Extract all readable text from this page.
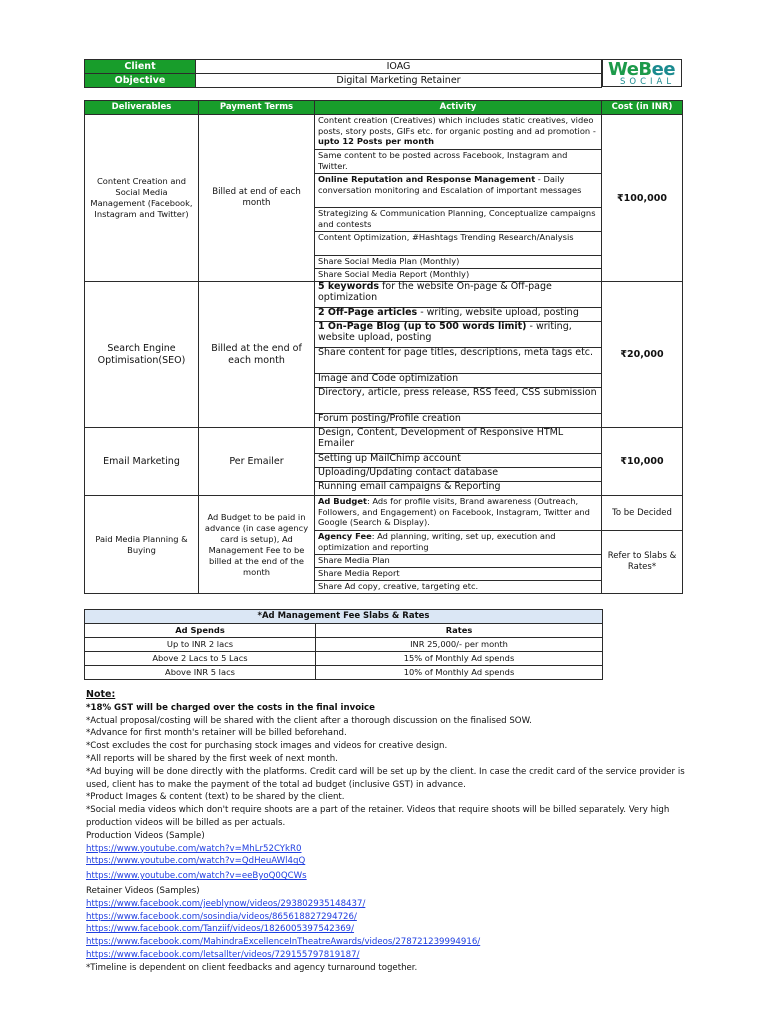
Client	IOAG
Objective	Digital Marketing Retainer
WeBee
SOCIAL
Deliverables	Payment Terms	Activity	Cost (in INR)
Content Creation and Social Media Management (Facebook, Instagram and Twitter)	Billed at end of each month	Content creation (Creatives) which includes static creatives, video posts, story posts, GIFs etc. for organic posting and ad promotion - upto 12 Posts per month	₹100,000
		Same content to be posted across Facebook, Instagram and Twitter.	
		Online Reputation and Response Management - Daily conversation monitoring and Escalation of important messages	
		Strategizing & Communication Planning, Conceptualize campaigns and contests	
		Content Optimization, #Hashtags Trending Research/Analysis	
		Share Social Media Plan (Monthly)	
		Share Social Media Report (Monthly)	
Search Engine Optimisation(SEO)	Billed at the end of each month	5 keywords for the website On-page & Off-page optimization	₹20,000
		2 Off-Page articles - writing, website upload, posting	
		1 On-Page Blog (up to 500 words limit) - writing, website upload, posting	
		Share content for page titles, descriptions, meta tags etc.	
		Image and Code optimization	
		Directory, article, press release, RSS feed, CSS submission	
		Forum posting/Profile creation	
Email Marketing	Per Emailer	Design, Content, Development of Responsive HTML Emailer	₹10,000
		Setting up MailChimp account	
		Uploading/Updating contact database	
		Running email campaigns & Reporting	
Paid Media Planning & Buying	Ad Budget to be paid in advance (in case agency card is setup), Ad Management Fee to be billed at the end of the month	Ad Budget: Ads for profile visits, Brand awareness (Outreach, Followers, and Engagement) on Facebook, Instagram, Twitter and Google (Search & Display).	To be Decided
		Agency Fee: Ad planning, writing, set up, execution and optimization and reporting	Refer to Slabs & Rates*
		Share Media Plan	
		Share Media Report	
		Share Ad copy, creative, targeting etc.	
*Ad Management Fee Slabs & Rates	
Ad Spends	Rates
Up to INR 2 lacs	INR 25,000/- per month
Above 2 Lacs to 5 Lacs	15% of Monthly Ad spends
Above INR 5 lacs	10% of Monthly Ad spends

Note:

*18% GST will be charged over the costs in the final invoice

*Actual proposal/costing will be shared with the client after a thorough discussion on the finalised SOW.

*Advance for first month's retainer will be billed beforehand.

*Cost excludes the cost for purchasing stock images and videos for creative design.

*All reports will be shared by the first week of next month.

*Ad buying will be done directly with the platforms. Credit card will be set up by the client. In case the credit card of the service provider is used, client has to make the payment of the total ad budget (inclusive GST) in advance.

*Product Images & content (text) to be shared by the client.

*Social media videos which don't require shoots are a part of the retainer. Videos that require shoots will be billed separately. Very high production videos will be billed as per actuals.

Production Videos (Sample)

https://www.youtube.com/watch?v=MhLr52CYkR0
https://www.youtube.com/watch?v=QdHeuAWl4qQ
https://www.youtube.com/watch?v=eeByoQ0QCWs

Retainer Videos (Samples)

https://www.facebook.com/jeeblynow/videos/293802935148437/
https://www.facebook.com/sosindia/videos/865618827294726/
https://www.facebook.com/Tanziif/videos/1826005397542369/
https://www.facebook.com/MahindraExcellenceInTheatreAwards/videos/278721239994916/
https://www.facebook.com/letsallter/videos/729155797819187/

*Timeline is dependent on client feedbacks and agency turnaround together.
